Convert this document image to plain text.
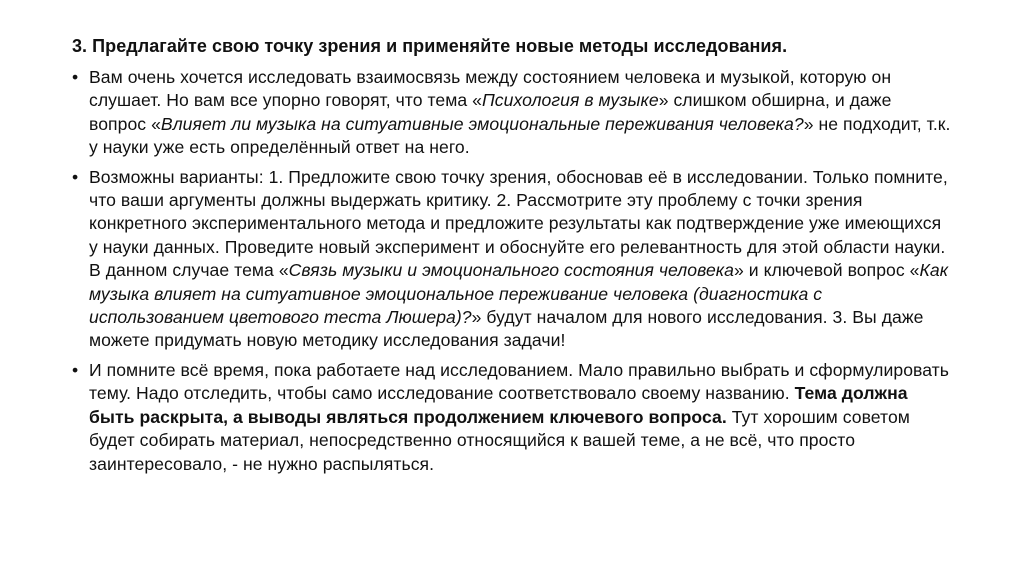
3. Предлагайте свою точку зрения и применяйте новые методы исследования.
• Вам очень хочется исследовать взаимосвязь между состоянием человека и музыкой, которую он слушает. Но вам все упорно говорят, что тема «Психология в музыке» слишком обширна, и даже вопрос «Влияет ли музыка на ситуативные эмоциональные переживания человека?» не подходит, т.к. у науки уже есть определённый ответ на него.
• Возможны варианты: 1. Предложите свою точку зрения, обосновав её в исследовании. Только помните, что ваши аргументы должны выдержать критику. 2. Рассмотрите эту проблему с точки зрения конкретного экспериментального метода и предложите результаты как подтверждение уже имеющихся у науки данных. Проведите новый эксперимент и обоснуйте его релевантность для этой области науки. В данном случае тема «Связь музыки и эмоционального состояния человека» и ключевой вопрос «Как музыка влияет на ситуативное эмоциональное переживание человека (диагностика с использованием цветового теста Люшера)?» будут началом для нового исследования. 3. Вы даже можете придумать новую методику исследования задачи!
• И помните всё время, пока работаете над исследованием. Мало правильно выбрать и сформулировать тему. Надо отследить, чтобы само исследование соответствовало своему названию. Тема должна быть раскрыта, а выводы являться продолжением ключевого вопроса. Тут хорошим советом будет собирать материал, непосредственно относящийся к вашей теме, а не всё, что просто заинтересовало, - не нужно распыляться.
